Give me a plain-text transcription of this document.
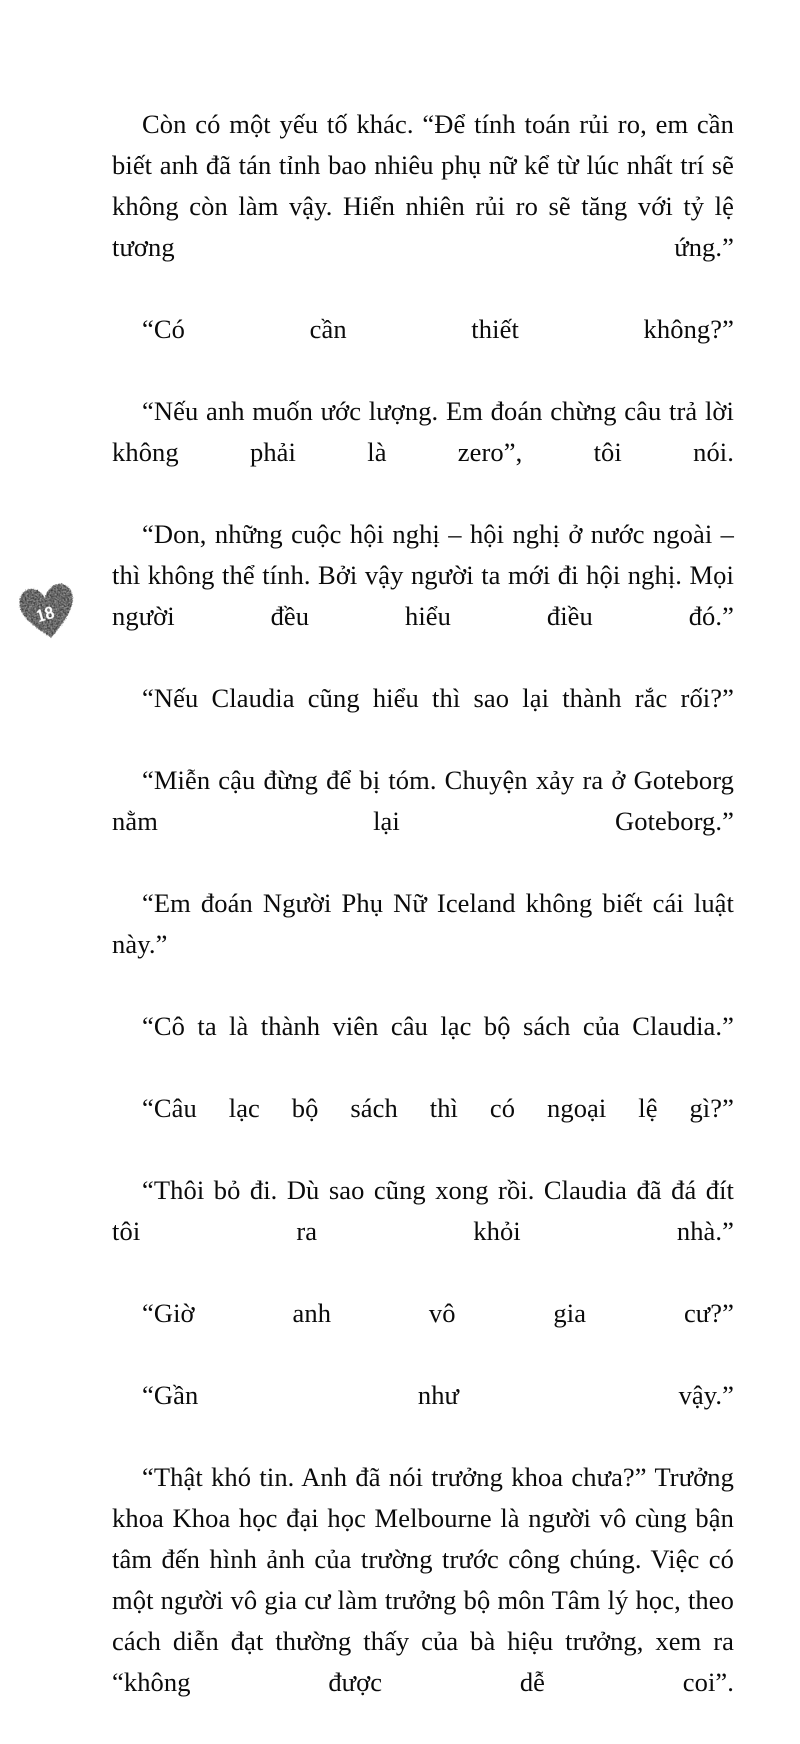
18

Còn có một yếu tố khác. “Để tính toán rủi ro, em cần biết anh đã tán tỉnh bao nhiêu phụ nữ kể từ lúc nhất trí sẽ không còn làm vậy. Hiển nhiên rủi ro sẽ tăng với tỷ lệ tương ứng.”

“Có cần thiết không?”

“Nếu anh muốn ước lượng. Em đoán chừng câu trả lời không phải là zero”, tôi nói.

“Don, những cuộc hội nghị – hội nghị ở nước ngoài – thì không thể tính. Bởi vậy người ta mới đi hội nghị. Mọi người đều hiểu điều đó.”

“Nếu Claudia cũng hiểu thì sao lại thành rắc rối?”

“Miễn cậu đừng để bị tóm. Chuyện xảy ra ở Goteborg nằm lại Goteborg.”

“Em đoán Người Phụ Nữ Iceland không biết cái luật này.”

“Cô ta là thành viên câu lạc bộ sách của Claudia.”

“Câu lạc bộ sách thì có ngoại lệ gì?”

“Thôi bỏ đi. Dù sao cũng xong rồi. Claudia đã đá đít tôi ra khỏi nhà.”

“Giờ anh vô gia cư?”

“Gần như vậy.”

“Thật khó tin. Anh đã nói trưởng khoa chưa?” Trưởng khoa Khoa học đại học Melbourne là người vô cùng bận tâm đến hình ảnh của trường trước công chúng. Việc có một người vô gia cư làm trưởng bộ môn Tâm lý học, theo cách diễn đạt thường thấy của bà hiệu trưởng, xem ra “không được dễ coi”.
